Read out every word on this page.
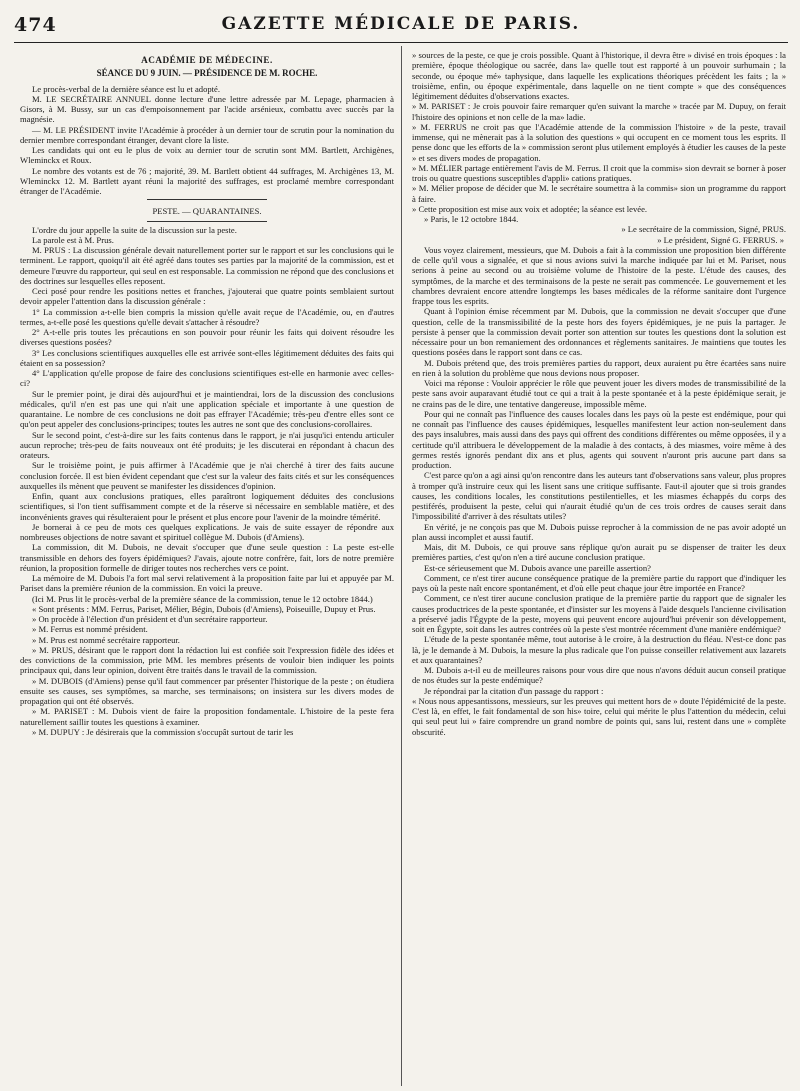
474	GAZETTE MÉDICALE DE PARIS.
ACADÉMIE DE MÉDECINE.
SÉANCE DU 9 JUIN. — PRÉSIDENCE DE M. ROCHE.

Le procès-verbal de la dernière séance est lu et adopté.

M. LE SECRÉTAIRE ANNUEL donne lecture d'une lettre adressée par M. Lepage, pharmacien à Gisors, à M. Bussy, sur un cas d'empoisonnement par l'acide arsénieux, combattu avec succès par la magnésie.

— M. LE PRÉSIDENT invite l'Académie à procéder à un dernier tour de scrutin pour la nomination du dernier membre correspondant étranger, devant clore la liste.

Les candidats qui ont eu le plus de voix au dernier tour de scrutin sont MM. Bartlett, Archigènes, Wleminckx et Roux.

Le nombre des votants est de 76 ; majorité, 39. M. Bartlett obtient 44 suffrages, M. Archigènes 13, M. Wleminckx 12. M. Bartlett ayant réuni la majorité des suffrages, est proclamé membre correspondant étranger de l'Académie.

PESTE. — QUARANTAINES.

L'ordre du jour appelle la suite de la discussion sur la peste.

La parole est à M. Prus.

M. PRUS : La discussion générale devait naturellement porter sur le rapport et sur les conclusions qui le terminent. Le rapport, quoiqu'il ait été agréé dans toutes ses parties par la majorité de la commission, est et demeure l'œuvre du rapporteur, qui seul en est responsable. La commission ne répond que des conclusions et des doctrines sur lesquelles elles reposent.

Ceci posé pour rendre les positions nettes et franches, j'ajouterai que quatre points semblaient surtout devoir appeler l'attention dans la discussion générale :

1° La commission a-t-elle bien compris la mission qu'elle avait reçue de l'Académie, ou, en d'autres termes, a-t-elle posé les questions qu'elle devait s'attacher à résoudre?

2° A-t-elle pris toutes les précautions en son pouvoir pour réunir les faits qui doivent résoudre les diverses questions posées?

3° Les conclusions scientifiques auxquelles elle est arrivée sont-elles légitimement déduites des faits qui étaient en sa possession?

4° L'application qu'elle propose de faire des conclusions scientifiques est-elle en harmonie avec celles-ci?

Sur le premier point, je dirai dès aujourd'hui et je maintiendrai, lors de la discussion des conclusions médicales, qu'il n'en est pas une qui n'ait une application spéciale et importante à une question de quarantaine. Le nombre de ces conclusions ne doit pas effrayer l'Académie; très-peu d'entre elles sont ce qu'on peut appeler des conclusions-principes; toutes les autres ne sont que des conclusions-corollaires.

Sur le second point, c'est-à-dire sur les faits contenus dans le rapport, je n'ai jusqu'ici entendu articuler aucun reproche; très-peu de faits nouveaux ont été produits; je les discuterai en répondant à chacun des orateurs.

Sur le troisième point, je puis affirmer à l'Académie que je n'ai cherché à tirer des faits aucune conclusion forcée. Il est bien évident cependant que c'est sur la valeur des faits cités et sur les conséquences auxquelles ils mènent que peuvent se manifester les dissidences d'opinion.

Enfin, quant aux conclusions pratiques, elles paraîtront logiquement déduites des conclusions scientifiques, si l'on tient suffisamment compte et de la réserve si nécessaire en semblable matière, et des inconvénients graves qui résulteraient pour le présent et plus encore pour l'avenir de la moindre témérité.

Je bornerai à ce peu de mots ces quelques explications. Je vais de suite essayer de répondre aux nombreuses objections de notre savant et spirituel collègue M. Dubois (d'Amiens).

La commission, dit M. Dubois, ne devait s'occuper que d'une seule question : La peste est-elle transmissible en dehors des foyers épidémiques? J'avais, ajoute notre confrère, fait, lors de notre première réunion, la proposition formelle de diriger toutes nos recherches vers ce point.

La mémoire de M. Dubois l'a fort mal servi relativement à la proposition faite par lui et appuyée par M. Pariset dans la première réunion de la commission. En voici la preuve.

(Ici M. Prus lit le procès-verbal de la première séance de la commission, tenue le 12 octobre 1844.)

« Sont présents : MM. Ferrus, Pariset, Mélier, Bégin, Dubois (d'Amiens), Poiseuille, Dupuy et Prus.

» On procède à l'élection d'un président et d'un secrétaire rapporteur.

» M. Ferrus est nommé président.

» M. Prus est nommé secrétaire rapporteur.

» M. PRUS, désirant que le rapport dont la rédaction lui est confiée soit l'expression fidèle des idées et des convictions de la commission, prie MM. les membres présents de vouloir bien indiquer les points principaux qui, dans leur opinion, doivent être traités dans le travail de la commission.

» M. DUBOIS (d'Amiens) pense qu'il faut commencer par présenter l'historique de la peste ; on étudiera ensuite ses causes, ses symptômes, sa marche, ses terminaisons; on insistera sur les divers modes de propagation qui ont été observés.

» M. PARISET : M. Dubois vient de faire la proposition fondamentale. L'histoire de la peste fera naturellement saillir toutes les questions à examiner.

» M. DUPUY : Je désirerais que la commission s'occupât surtout de tarir les

» sources de la peste, ce que je crois possible. Quant à l'historique, il devra être » divisé en trois époques : la première, époque théologique ou sacrée, dans la» quelle tout est rapporté à un pouvoir surhumain ; la seconde, ou époque mé» taphysique, dans laquelle les explications théoriques précèdent les faits ; la » troisième, enfin, ou époque expérimentale, dans laquelle on ne tient compte » que des conséquences légitimement déduites d'observations exactes.

» M. PARISET : Je crois pouvoir faire remarquer qu'en suivant la marche » tracée par M. Dupuy, on ferait l'histoire des opinions et non celle de la ma» ladie.

» M. FERRUS ne croit pas que l'Académie attende de la commission l'histoire » de la peste, travail immense, qui ne mènerait pas à la solution des questions » qui occupent en ce moment tous les esprits. Il pense donc que les efforts de la » commission seront plus utilement employés à étudier les causes de la peste » et ses divers modes de propagation.

» M. MÉLIER partage entièrement l'avis de M. Ferrus. Il croit que la commis» sion devrait se borner à poser trois ou quatre questions susceptibles d'appli» cations pratiques.

» M. Mélier propose de décider que M. le secrétaire soumettra à la commis» sion un programme du rapport à faire.

» Cette proposition est mise aux voix et adoptée; la séance est levée.

» Paris, le 12 octobre 1844.

» Le secrétaire de la commission, Signé, PRUS.

» Le président, Signé G. FERRUS. »

Vous voyez clairement, messieurs, que M. Dubois a fait à la commission une proposition bien différente de celle qu'il vous a signalée, et que si nous avions suivi la marche indiquée par lui et M. Pariset, nous serions à peine au second ou au troisième volume de l'histoire de la peste. L'étude des causes, des symptômes, de la marche et des terminaisons de la peste ne serait pas commencée. Le gouvernement et les chambres devraient encore attendre longtemps les bases médicales de la réforme sanitaire dont l'urgence frappe tous les esprits.

Quant à l'opinion émise récemment par M. Dubois, que la commission ne devait s'occuper que d'une question, celle de la transmissibilité de la peste hors des foyers épidémiques, je ne puis la partager. Je persiste à penser que la commission devait porter son attention sur toutes les questions dont la solution est nécessaire pour un bon remaniement des ordonnances et règlements sanitaires. Je maintiens que toutes les questions posées dans le rapport sont dans ce cas.

M. Dubois prétend que, des trois premières parties du rapport, deux auraient pu être écartées sans nuire en rien à la solution du problème que nous devions nous proposer.

Voici ma réponse : Vouloir apprécier le rôle que peuvent jouer les divers modes de transmissibilité de la peste sans avoir auparavant étudié tout ce qui a trait à la peste spontanée et à la peste épidémique serait, je ne crains pas de le dire, une tentative dangereuse, impossible même.

Pour qui ne connaît pas l'influence des causes locales dans les pays où la peste est endémique, pour qui ne connaît pas l'influence des causes épidémiques, lesquelles manifestent leur action non-seulement dans des pays insalubres, mais aussi dans des pays qui offrent des conditions différentes ou même opposées, il y a certitude qu'il attribuera le développement de la maladie à des contacts, à des miasmes, voire même à des germes restés ignorés pendant dix ans et plus, agents qui souvent n'auront pris aucune part dans sa production.

C'est parce qu'on a agi ainsi qu'on rencontre dans les auteurs tant d'observations sans valeur, plus propres à tromper qu'à instruire ceux qui les lisent sans une critique suffisante. Faut-il ajouter que si trois grandes causes, les conditions locales, les constitutions pestilentielles, et les miasmes échappés du corps des pestiférés, produisent la peste, celui qui n'aurait étudié qu'un de ces trois ordres de causes serait dans l'impossibilité d'arriver à des résultats utiles?

En vérité, je ne conçois pas que M. Dubois puisse reprocher à la commission de ne pas avoir adopté un plan aussi incomplet et aussi fautif.

Mais, dit M. Dubois, ce qui prouve sans réplique qu'on aurait pu se dispenser de traiter les deux premières parties, c'est qu'on n'en a tiré aucune conclusion pratique.

Est-ce sérieusement que M. Dubois avance une pareille assertion?

Comment, ce n'est tirer aucune conséquence pratique de la première partie du rapport que d'indiquer les pays où la peste naît encore spontanément, et d'où elle peut chaque jour être importée en France?

Comment, ce n'est tirer aucune conclusion pratique de la première partie du rapport que de signaler les causes productrices de la peste spontanée, et d'insister sur les moyens à l'aide desquels l'ancienne civilisation a préservé jadis l'Égypte de la peste, moyens qui peuvent encore aujourd'hui prévenir son développement, soit en Égypte, soit dans les autres contrées où la peste s'est montrée récemment d'une manière endémique?

L'étude de la peste spontanée même, tout autorise à le croire, à la destruction du fléau. N'est-ce donc pas là, je le demande à M. Dubois, la mesure la plus radicale que l'on puisse conseiller relativement aux lazarets et aux quarantaines?

M. Dubois a-t-il eu de meilleures raisons pour vous dire que nous n'avons déduit aucun conseil pratique de nos études sur la peste endémique?

Je répondrai par la citation d'un passage du rapport :

« Nous nous appesantissons, messieurs, sur les preuves qui mettent hors de » doute l'épidémicité de la peste. C'est là, en effet, le fait fondamental de son his» toire, celui qui mérite le plus l'attention du médecin, celui qui seul peut lui » faire comprendre un grand nombre de points qui, sans lui, restent dans une » complète obscurité.
